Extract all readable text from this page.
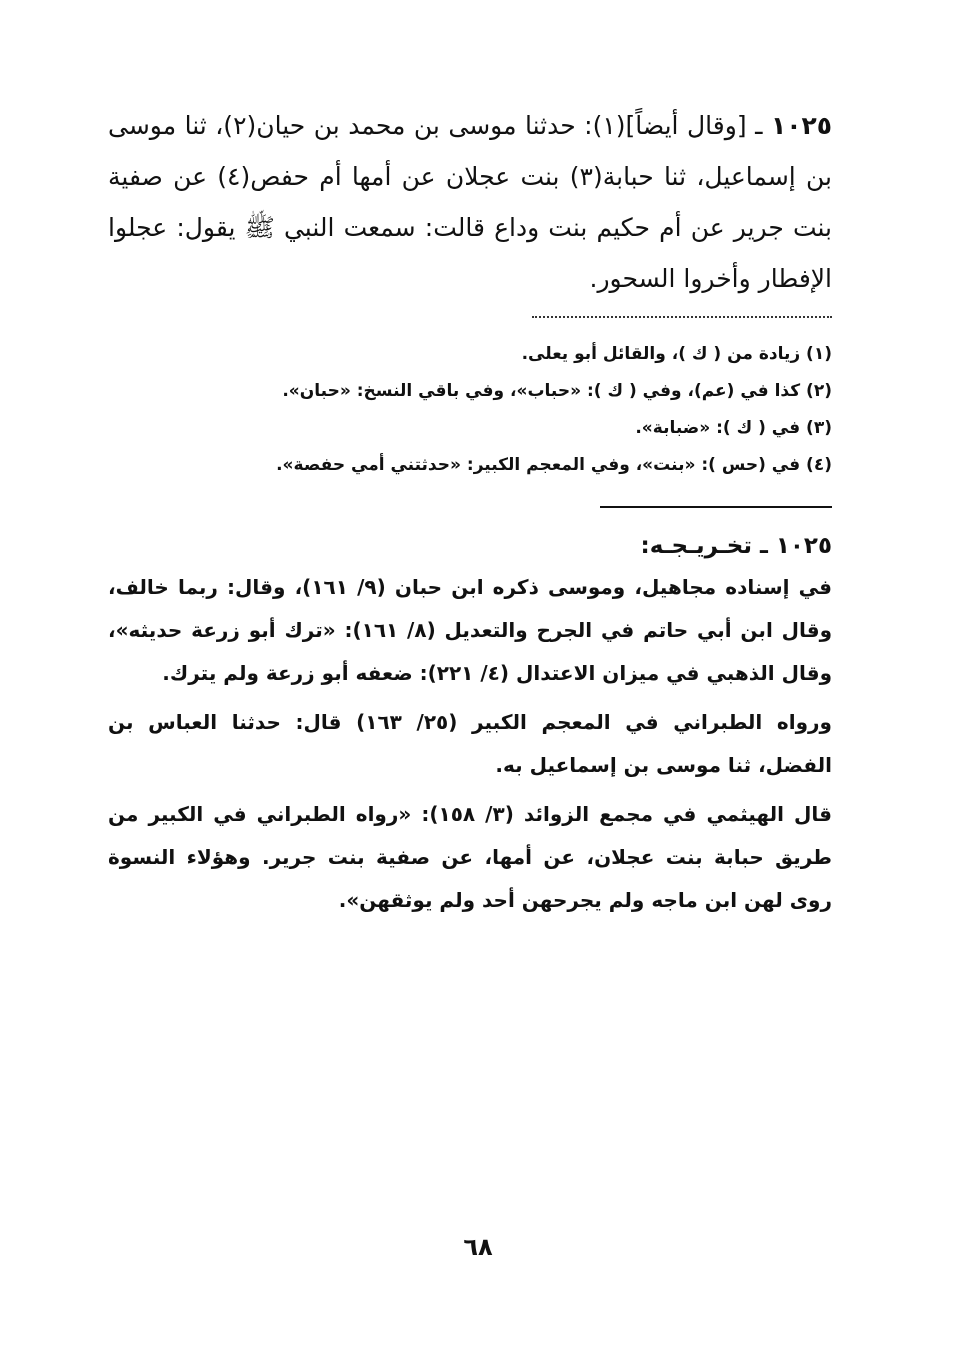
١٠٢٥ ـ [وقال أيضاً](١): حدثنا موسى بن محمد بن حيان(٢)، ثنا موسى بن إسماعيل، ثنا حبابة(٣) بنت عجلان عن أمها أم حفص(٤) عن صفية بنت جرير عن أم حكيم بنت وداع قالت: سمعت النبي ﷺ يقول: عجلوا الإفطار وأخروا السحور.

(١) زيادة من ( ك )، والقائل أبو يعلى.
(٢) كذا في (عم)، وفي ( ك ): «حباب»، وفي باقي النسخ: «حبان».
(٣) في ( ك ): «ضبابة».
(٤) في (حس ): «بنت»، وفي المعجم الكبير: «حدثتني أمي حفصة».
١٠٢٥ ـ تخـريـجـه:

في إسناده مجاهيل، وموسى ذكره ابن حبان (٩/ ١٦١)، وقال: ربما خالف، وقال ابن أبي حاتم في الجرح والتعديل (٨/ ١٦١): «ترك أبو زرعة حديثه»، وقال الذهبي في ميزان الاعتدال (٤/ ٢٢١): ضعفه أبو زرعة ولم يترك.

ورواه الطبراني في المعجم الكبير (٢٥/ ١٦٣) قال: حدثنا العباس بن الفضل، ثنا موسى بن إسماعيل به.

قال الهيثمي في مجمع الزوائد (٣/ ١٥٨): «رواه الطبراني في الكبير من طريق حبابة بنت عجلان، عن أمها، عن صفية بنت جرير. وهؤلاء النسوة روى لهن ابن ماجه ولم يجرحهن أحد ولم يوثقهن».

٦٨
